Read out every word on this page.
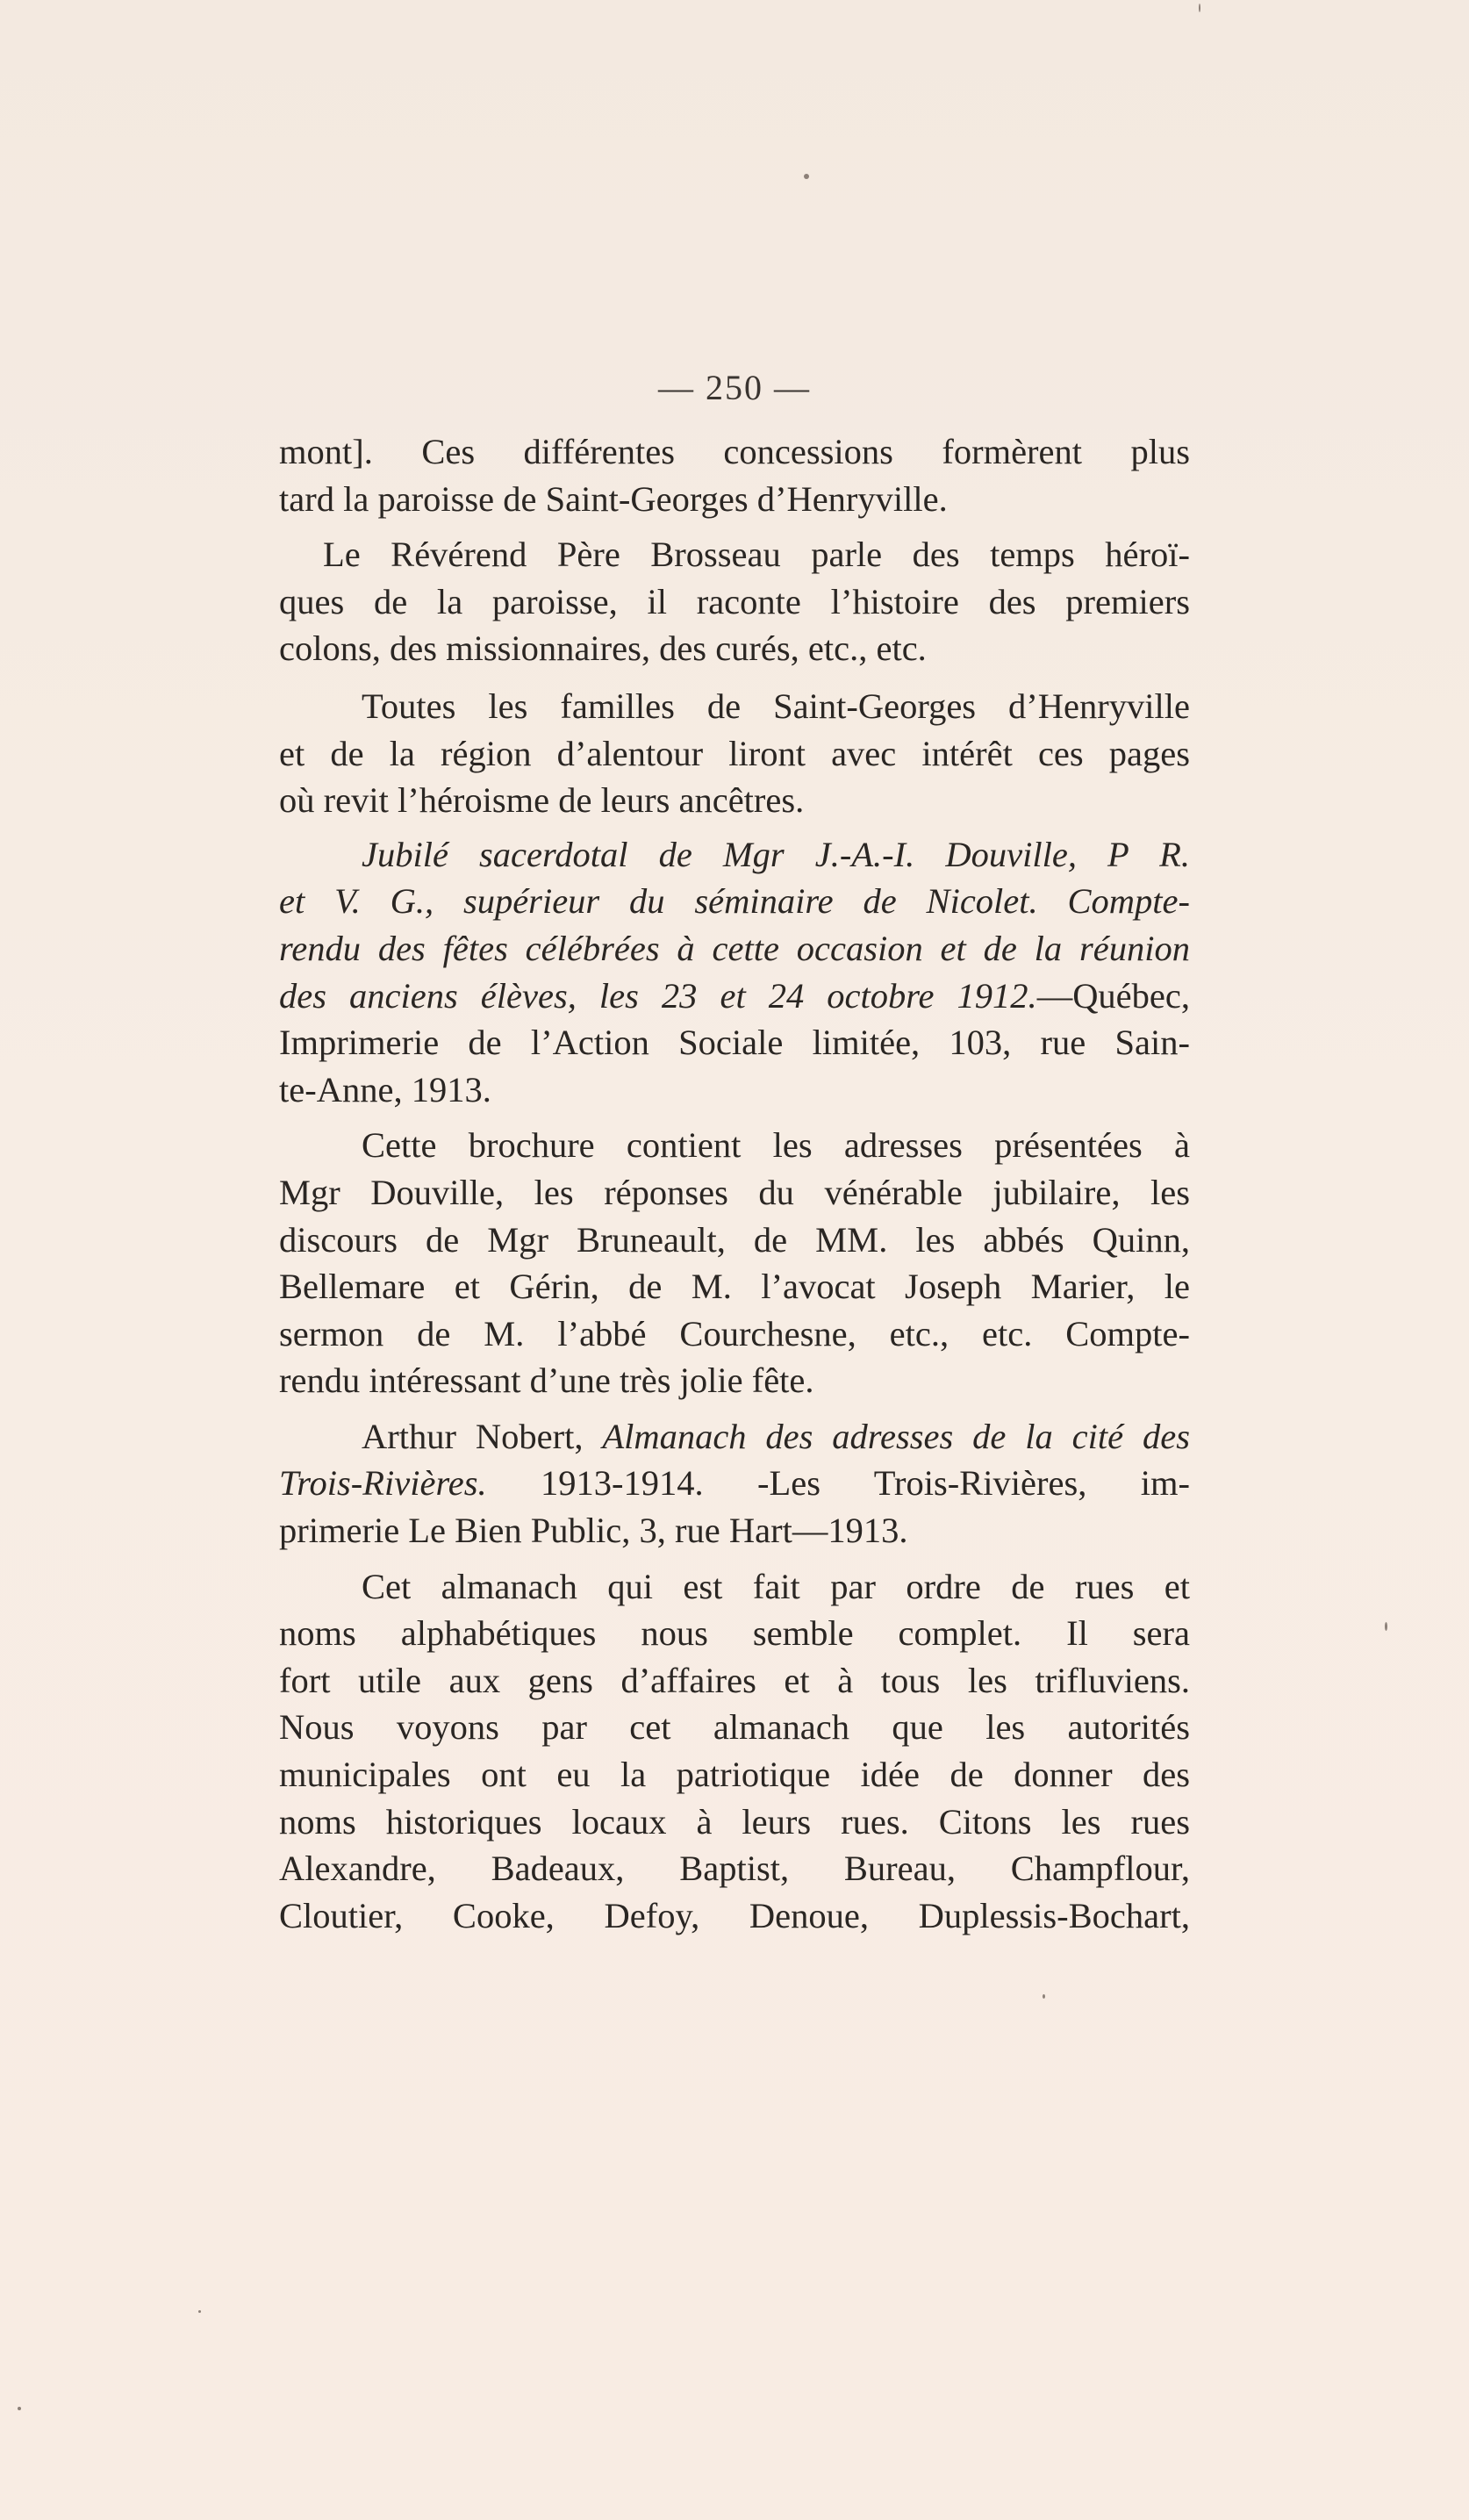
— 250 —

mont]. Ces différentes concessions formèrent plus
tard la paroisse de Saint-Georges d’Henryville.

Le Révérend Père Brosseau parle des temps héroï-
ques de la paroisse, il raconte l’histoire des premiers
colons, des missionnaires, des curés, etc., etc.

Toutes les familles de Saint-Georges d’Henryville
et de la région d’alentour liront avec intérêt ces pages
où revit l’héroisme de leurs ancêtres.

Jubilé sacerdotal de Mgr J.-A.-I. Douville, P R.
et V. G., supérieur du séminaire de Nicolet. Compte-
rendu des fêtes célébrées à cette occasion et de la réunion
des anciens élèves, les 23 et 24 octobre 1912.—Québec,
Imprimerie de l’Action Sociale limitée, 103, rue Sain-
te-Anne, 1913.

Cette brochure contient les adresses présentées à
Mgr Douville, les réponses du vénérable jubilaire, les
discours de Mgr Bruneault, de MM. les abbés Quinn,
Bellemare et Gérin, de M. l’avocat Joseph Marier, le
sermon de M. l’abbé Courchesne, etc., etc. Compte-
rendu intéressant d’une très jolie fête.

Arthur Nobert, Almanach des adresses de la cité des
Trois-Rivières. 1913-1914. -Les Trois-Rivières, im-
primerie Le Bien Public, 3, rue Hart—1913.

Cet almanach qui est fait par ordre de rues et
noms alphabétiques nous semble complet. Il sera
fort utile aux gens d’affaires et à tous les trifluviens.
Nous voyons par cet almanach que les autorités
municipales ont eu la patriotique idée de donner des
noms historiques locaux à leurs rues. Citons les rues
Alexandre, Badeaux, Baptist, Bureau, Champflour,
Cloutier, Cooke, Defoy, Denoue, Duplessis-Bochart,
